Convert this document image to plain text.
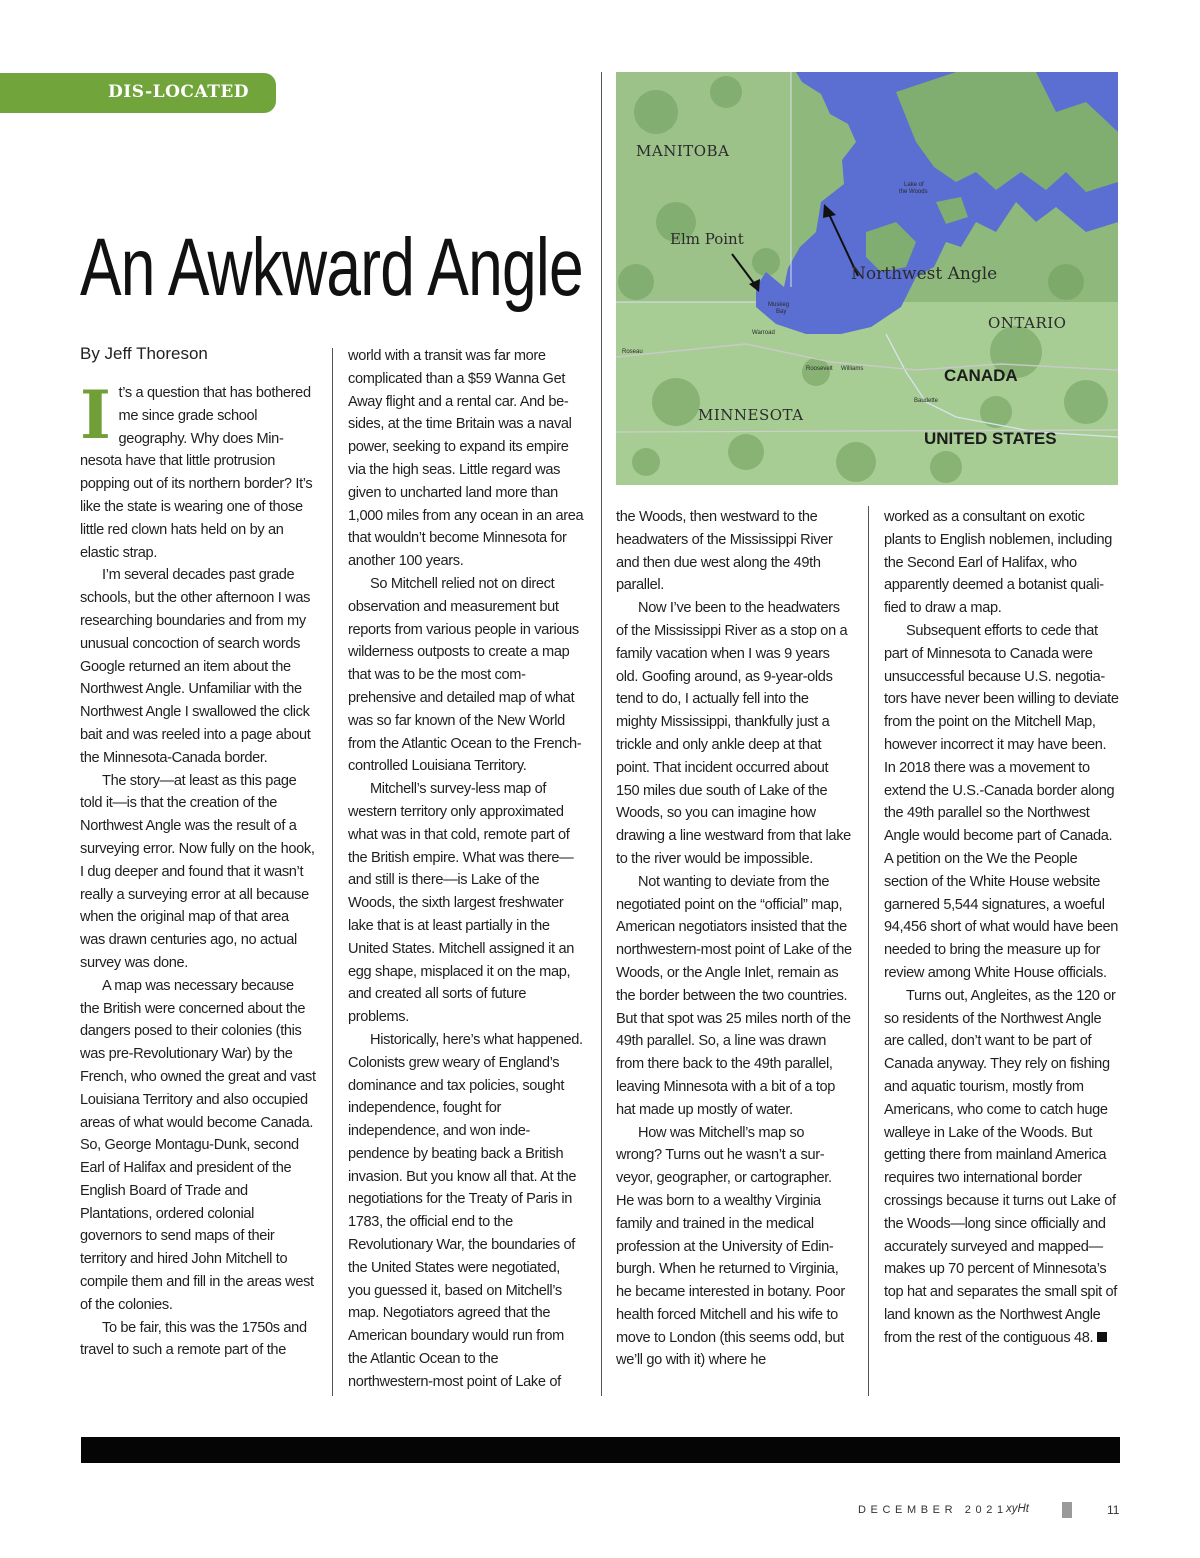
DIS-LOCATED
An Awkward Angle
By Jeff Thoreson
MANITOBA
Elm Point
Northwest Angle
ONTARIO
MINNESOTA
Lake of
the Woods
Muskeg
Bay
Warroad
Roseau
Roosevelt Williams
Baudette
CANADA
UNITED STATES

It’s a question that has bothered me since grade school geography. Why does Minnesota have that little protrusion popping out of its northern border? It’s like the state is wearing one of those little red clown hats held on by an elastic strap.

I’m several decades past grade schools, but the other afternoon I was researching boundaries and from my unusual concoction of search words Google returned an item about the Northwest Angle. Unfamiliar with the Northwest Angle I swallowed the click bait and was reeled into a page about the Minnesota-Canada border.

The story—at least as this page told it—is that the creation of the Northwest Angle was the result of a surveying error. Now fully on the hook, I dug deeper and found that it wasn’t really a surveying error at all because when the original map of that area was drawn centuries ago, no actual survey was done.

A map was necessary because the British were concerned about the dangers posed to their colonies (this was pre-Revolutionary War) by the French, who owned the great and vast Louisiana Territory and also occupied areas of what would become Canada. So, George Montagu-Dunk, second Earl of Halifax and president of the English Board of Trade and Plantations, ordered colonial governors to send maps of their territory and hired John Mitchell to compile them and fill in the areas west of the colonies.

To be fair, this was the 1750s and travel to such a remote part of the

world with a transit was far more complicated than a $59 Wanna Get Away flight and a rental car. And besides, at the time Britain was a naval power, seeking to expand its empire via the high seas. Little regard was given to uncharted land more than 1,000 miles from any ocean in an area that wouldn’t become Minnesota for another 100 years.

So Mitchell relied not on direct observation and measurement but reports from various people in various wilderness outposts to create a map that was to be the most comprehensive and detailed map of what was so far known of the New World from the Atlantic Ocean to the French-controlled Louisiana Territory.

Mitchell’s survey-less map of western territory only approximated what was in that cold, remote part of the British empire. What was there—and still is there—is Lake of the Woods, the sixth largest freshwater lake that is at least partially in the United States. Mitchell assigned it an egg shape, misplaced it on the map, and created all sorts of future problems.

Historically, here’s what happened. Colonists grew weary of England’s dominance and tax policies, sought independence, fought for independence, and won independence by beating back a British invasion. But you know all that. At the negotiations for the Treaty of Paris in 1783, the official end to the Revolutionary War, the boundaries of the United States were negotiated, you guessed it, based on Mitchell’s map. Negotiators agreed that the American boundary would run from the Atlantic Ocean to the northwestern-most point of Lake of

the Woods, then westward to the headwaters of the Mississippi River and then due west along the 49th parallel.

Now I’ve been to the headwaters of the Mississippi River as a stop on a family vacation when I was 9 years old. Goofing around, as 9-year-olds tend to do, I actually fell into the mighty Mississippi, thankfully just a trickle and only ankle deep at that point. That incident occurred about 150 miles due south of Lake of the Woods, so you can imagine how drawing a line westward from that lake to the river would be impossible.

Not wanting to deviate from the negotiated point on the “official” map, American negotiators insisted that the northwestern-most point of Lake of the Woods, or the Angle Inlet, remain as the border between the two countries. But that spot was 25 miles north of the 49th parallel. So, a line was drawn from there back to the 49th parallel, leaving Minnesota with a bit of a top hat made up mostly of water.

How was Mitchell’s map so wrong? Turns out he wasn’t a surveyor, geographer, or cartographer. He was born to a wealthy Virginia family and trained in the medical profession at the University of Edinburgh. When he returned to Virginia, he became interested in botany. Poor health forced Mitchell and his wife to move to London (this seems odd, but we’ll go with it) where he

worked as a consultant on exotic plants to English noblemen, including the Second Earl of Halifax, who apparently deemed a botanist qualified to draw a map.

Subsequent efforts to cede that part of Minnesota to Canada were unsuccessful because U.S. negotiators have never been willing to deviate from the point on the Mitchell Map, however incorrect it may have been. In 2018 there was a movement to extend the U.S.-Canada border along the 49th parallel so the Northwest Angle would become part of Canada. A petition on the We the People section of the White House website garnered 5,544 signatures, a woeful 94,456 short of what would have been needed to bring the measure up for review among White House officials.

Turns out, Angleites, as the 120 or so residents of the Northwest Angle are called, don’t want to be part of Canada anyway. They rely on fishing and aquatic tourism, mostly from Americans, who come to catch huge walleye in Lake of the Woods. But getting there from mainland America requires two international border crossings because it turns out Lake of the Woods—long since officially and accurately surveyed and mapped—makes up 70 percent of Minnesota’s top hat and separates the small spit of land known as the Northwest Angle from the rest of the contiguous 48.

DECEMBER 2021
xyHt	11
